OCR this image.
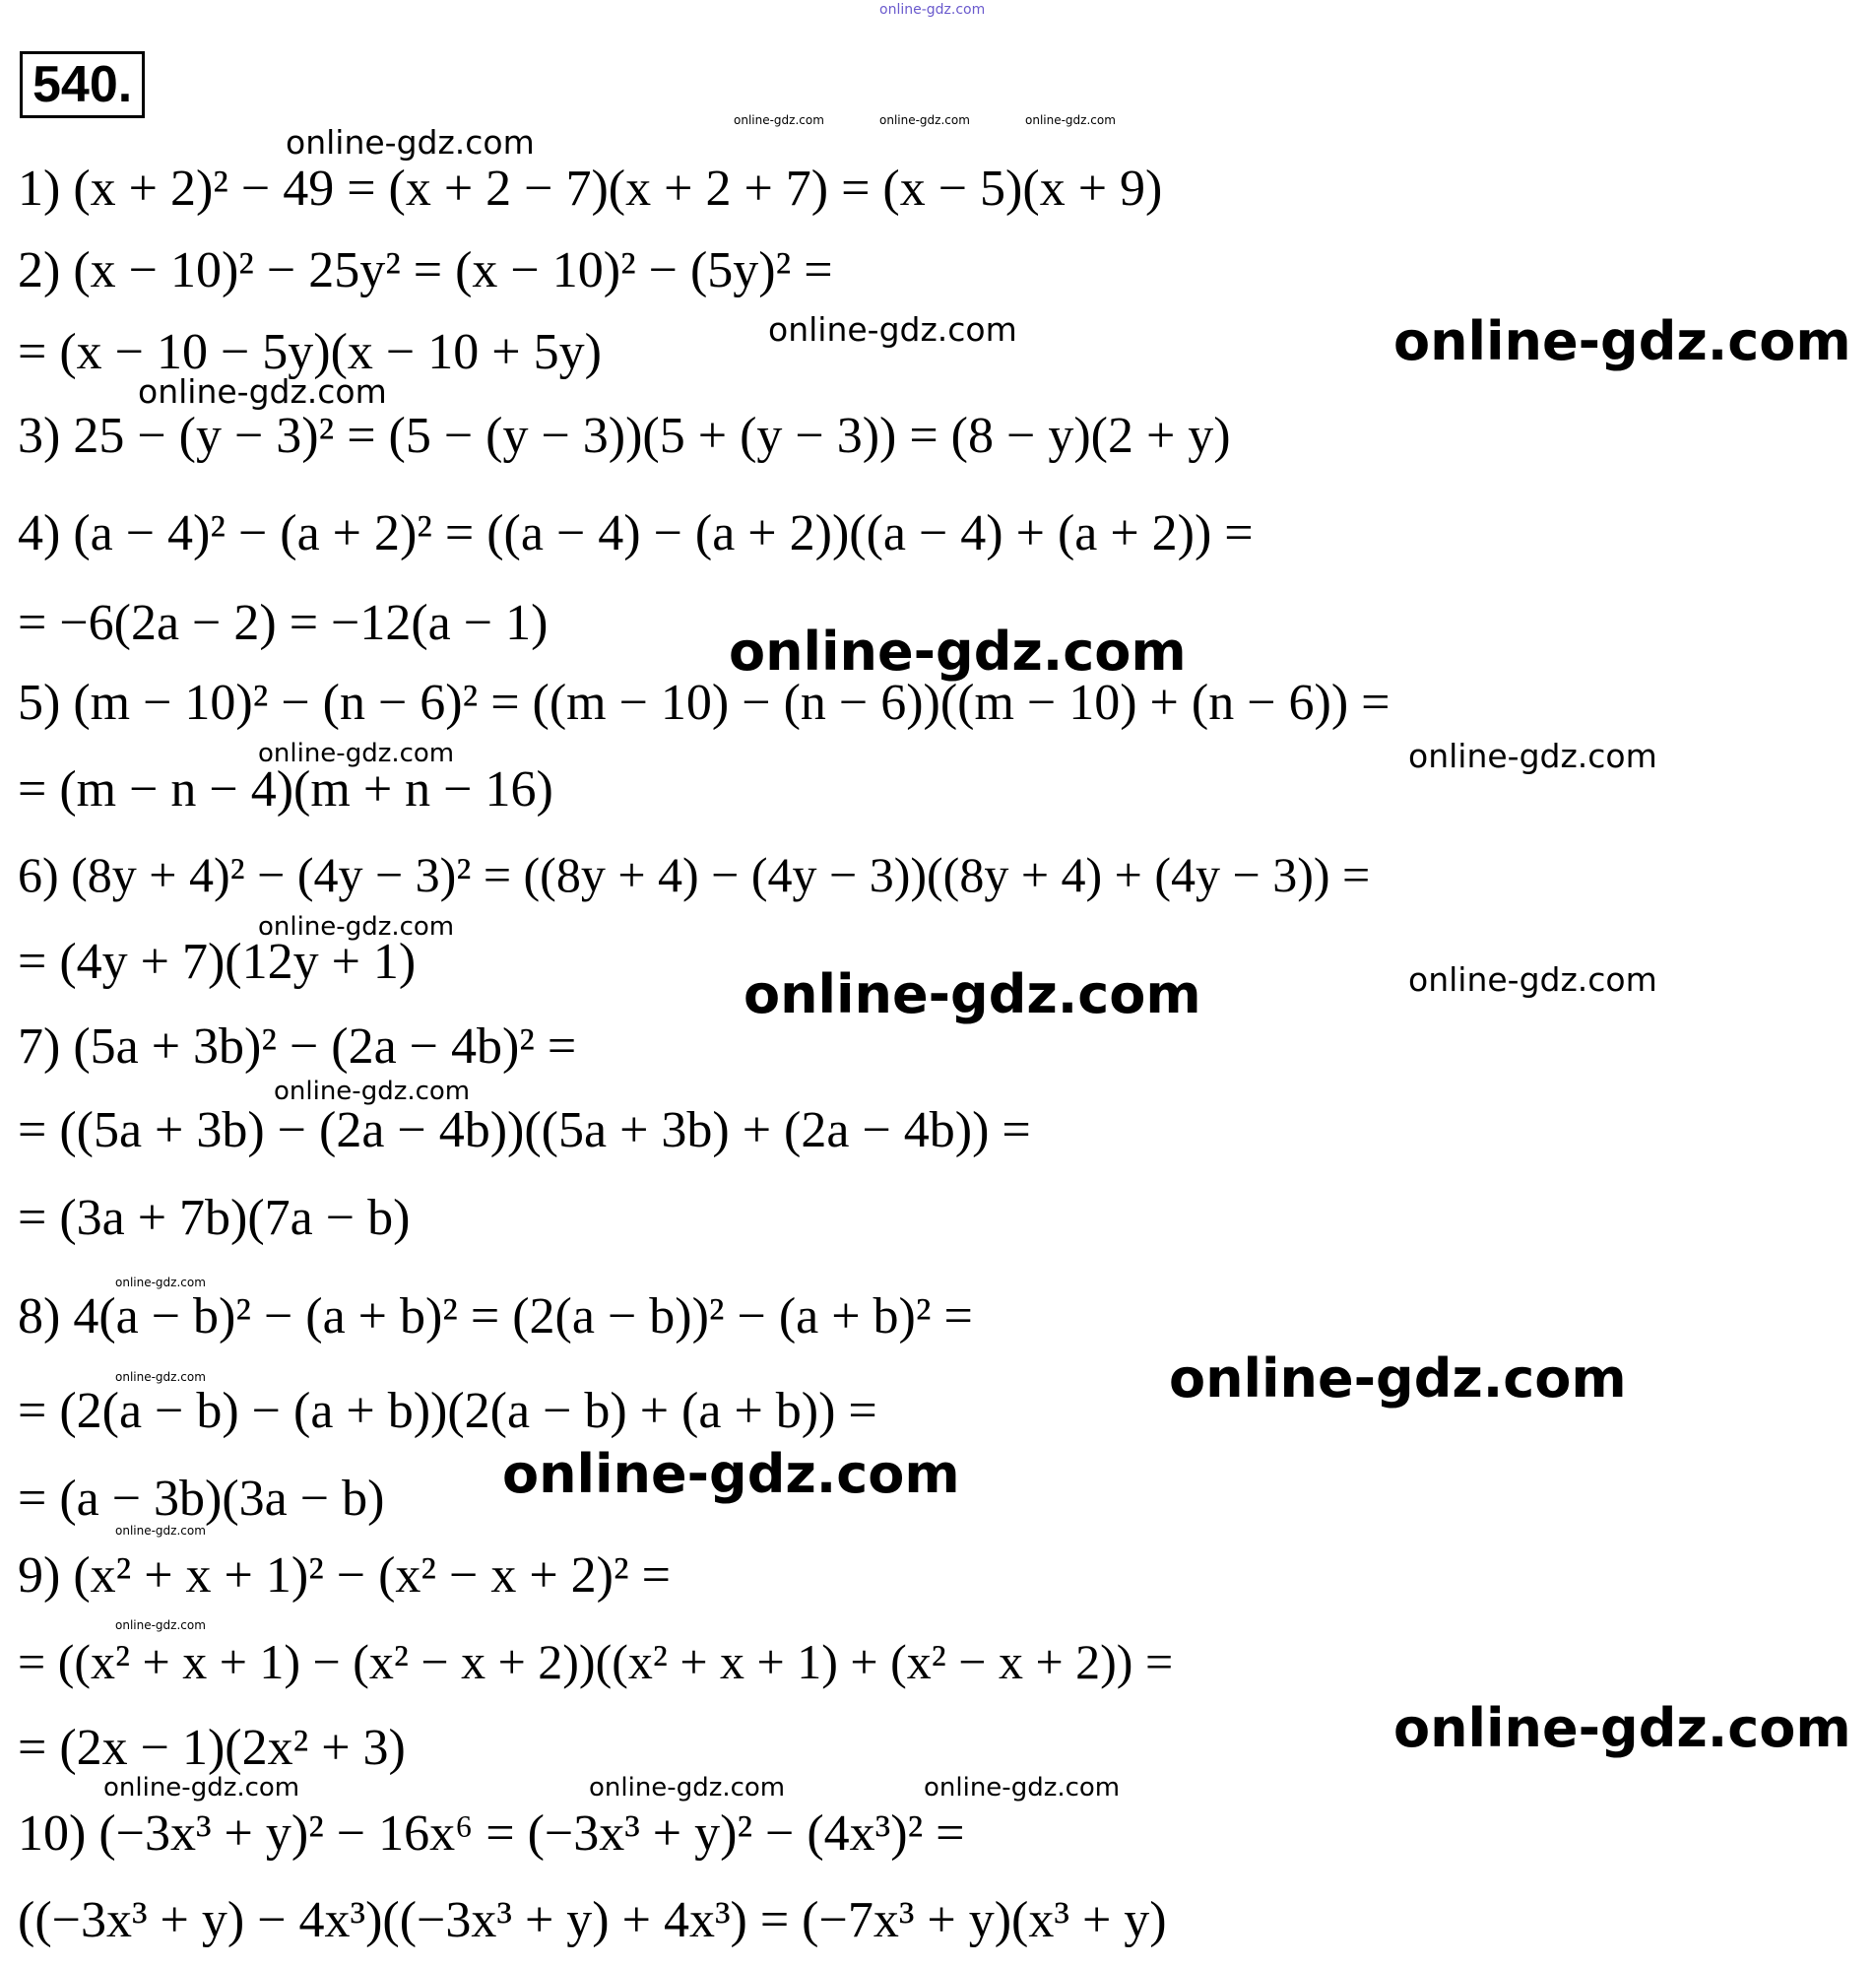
online-gdz.com
540.
online-gdz.com	online-gdz.com	online-gdz.com
1) (x + 2)² − 49 = (x + 2 − 7)(x + 2 + 7) = (x − 5)(x + 9)
2) (x − 10)² − 25y² = (x − 10)² − (5y)² =
= (x − 10 − 5y)(x − 10 + 5y)
3) 25 − (y − 3)² = (5 − (y − 3))(5 + (y − 3)) = (8 − y)(2 + y)
4) (a − 4)² − (a + 2)² = ((a − 4) − (a + 2))((a − 4) + (a + 2)) =
= −6(2a − 2) = −12(a − 1)
5) (m − 10)² − (n − 6)² = ((m − 10) − (n − 6))((m − 10) + (n − 6)) =
= (m − n − 4)(m + n − 16)
6) (8y + 4)² − (4y − 3)² = ((8y + 4) − (4y − 3))((8y + 4) + (4y − 3)) =
= (4y + 7)(12y + 1)
7) (5a + 3b)² − (2a − 4b)² =
= ((5a + 3b) − (2a − 4b))((5a + 3b) + (2a − 4b)) =
= (3a + 7b)(7a − b)
8) 4(a − b)² − (a + b)² = (2(a − b))² − (a + b)² =
= (2(a − b) − (a + b))(2(a − b) + (a + b)) =
= (a − 3b)(3a − b)
9) (x² + x + 1)² − (x² − x + 2)² =
= ((x² + x + 1) − (x² − x + 2))((x² + x + 1) + (x² − x + 2)) =
= (2x − 1)(2x² + 3)
10) (−3x³ + y)² − 16x⁶ = (−3x³ + y)² − (4x³)² =
((−3x³ + y) − 4x³)((−3x³ + y) + 4x³) = (−7x³ + y)(x³ + y)
online-gdz.com
online-gdz.com	online-gdz.com
online-gdz.com
online-gdz.com
online-gdz.com	online-gdz.com
online-gdz.com
online-gdz.com	online-gdz.com
online-gdz.com
online-gdz.com
online-gdz.com	online-gdz.com
online-gdz.com
online-gdz.com
online-gdz.com
online-gdz.com
online-gdz.com	online-gdz.com	online-gdz.com
